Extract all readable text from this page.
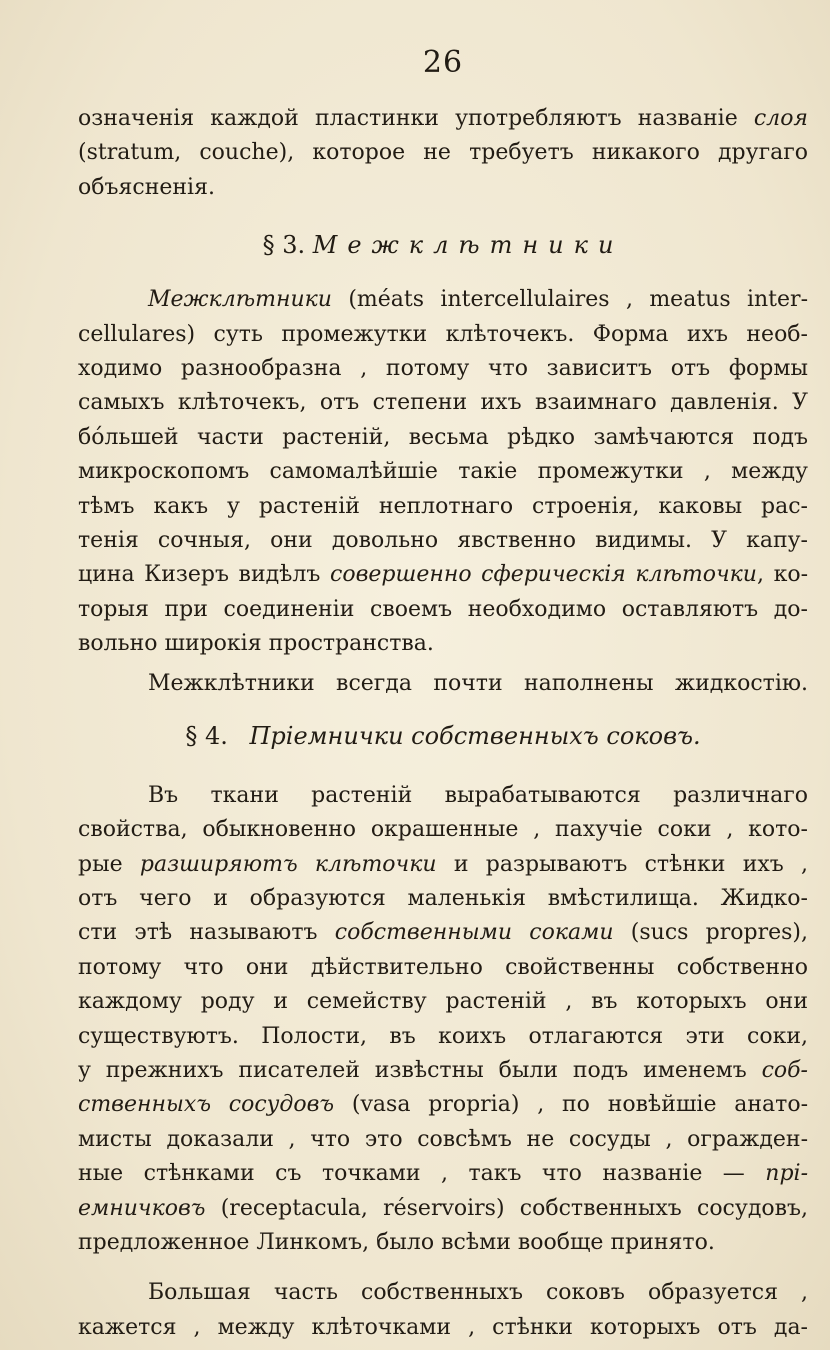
26
означенія каждой пластинки употребляютъ названіе слоя
(stratum, couche), которое не требуетъ никакого другаго
объясненія.
§ 3. Межклѣтники
Межклѣтники (méats intercellulaires , meatus inter-
cellulares) суть промежутки клѣточекъ. Форма ихъ необ-
ходимо разнообразна , потому что зависитъ отъ формы
самыхъ клѣточекъ, отъ степени ихъ взаимнаго давленія. У
бо́льшей части растеній, весьма рѣдко замѣчаются подъ
микроскопомъ самомалѣйшіе такіе промежутки , между
тѣмъ какъ у растеній неплотнаго строенія, каковы рас-
тенія сочныя, они довольно явственно видимы. У капу-
цина Кизеръ видѣлъ совершенно сферическія клѣточки, ко-
торыя при соединеніи своемъ необходимо оставляютъ до-
вольно широкія пространства.
Межклѣтники всегда почти наполнены жидкостію.
§ 4. Пріемнички собственныхъ соковъ.
Въ ткани растеній вырабатываются различнаго
свойства, обыкновенно окрашенные , пахучіе соки , кото-
рые разширяютъ клѣточки и разрываютъ стѣнки ихъ ,
отъ чего и образуются маленькія вмѣстилища. Жидко-
сти этѣ называютъ собственными соками (sucs propres),
потому что они дѣйствительно свойственны собственно
каждому роду и семейству растеній , въ которыхъ они
существуютъ. Полости, въ коихъ отлагаются эти соки,
у прежнихъ писателей извѣстны были подъ именемъ соб-
ственныхъ сосудовъ (vasa propria) , по новѣйшіе анато-
мисты доказали , что это совсѣмъ не сосуды , огражден-
ные стѣнками съ точками , такъ что названіе — прі-
емничковъ (receptacula, réservoirs) собственныхъ сосудовъ,
предложенное Линкомъ, было всѣми вообще принято.
Большая часть собственныхъ соковъ образуется ,
кажется , между клѣточками , стѣнки которыхъ отъ да-
